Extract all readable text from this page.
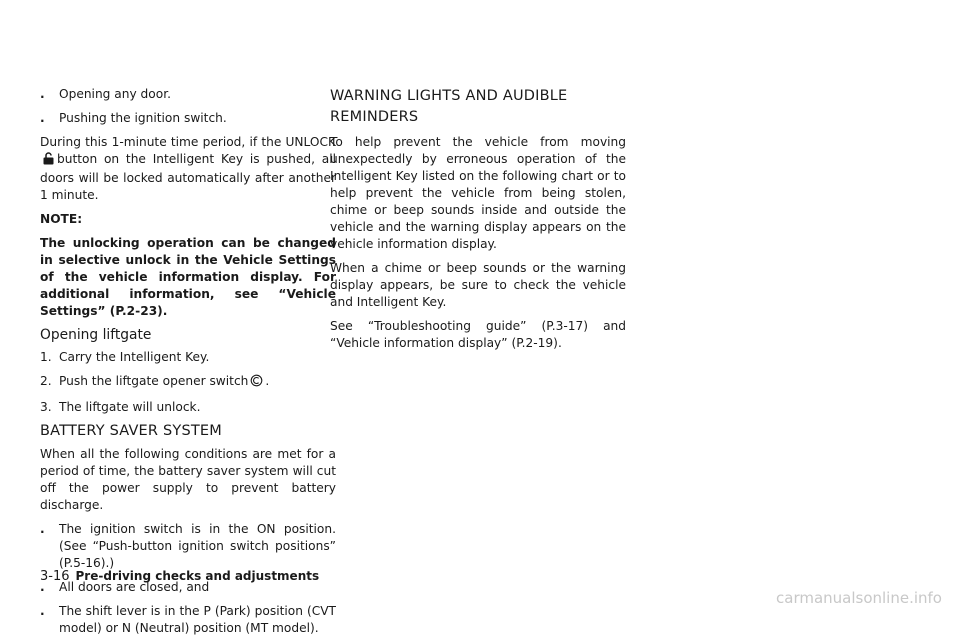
. Opening any door.

. Pushing the ignition switch.

During this 1-minute time period, if the UNLOCKbutton on the Intelligent Key is pushed, all doors will be locked automatically after another 1 minute.

NOTE:

The unlocking operation can be changed in selective unlock in the Vehicle Settings of the vehicle information display. For additional information, see “Vehicle Settings” (P.2-23).

Opening liftgate

1. Carry the Intelligent Key.

2. Push the liftgate opener switch .

3. The liftgate will unlock.

BATTERY SAVER SYSTEM

When all the following conditions are met for a period of time, the battery saver system will cut off the power supply to prevent battery discharge.

. The ignition switch is in the ON position. (See “Push-button ignition switch positions” (P.5-16).)

. All doors are closed, and

. The shift lever is in the P (Park) position (CVT model) or N (Neutral) position (MT model).

WARNING LIGHTS AND AUDIBLE REMINDERS

To help prevent the vehicle from moving unexpectedly by erroneous operation of the Intelligent Key listed on the following chart or to help prevent the vehicle from being stolen, chime or beep sounds inside and outside the vehicle and the warning display appears on the vehicle information display.

When a chime or beep sounds or the warning display appears, be sure to check the vehicle and Intelligent Key.

See “Troubleshooting guide” (P.3-17) and “Vehicle information display” (P.2-19).

3-16 Pre-driving checks and adjustments
carmanualsonline.info
